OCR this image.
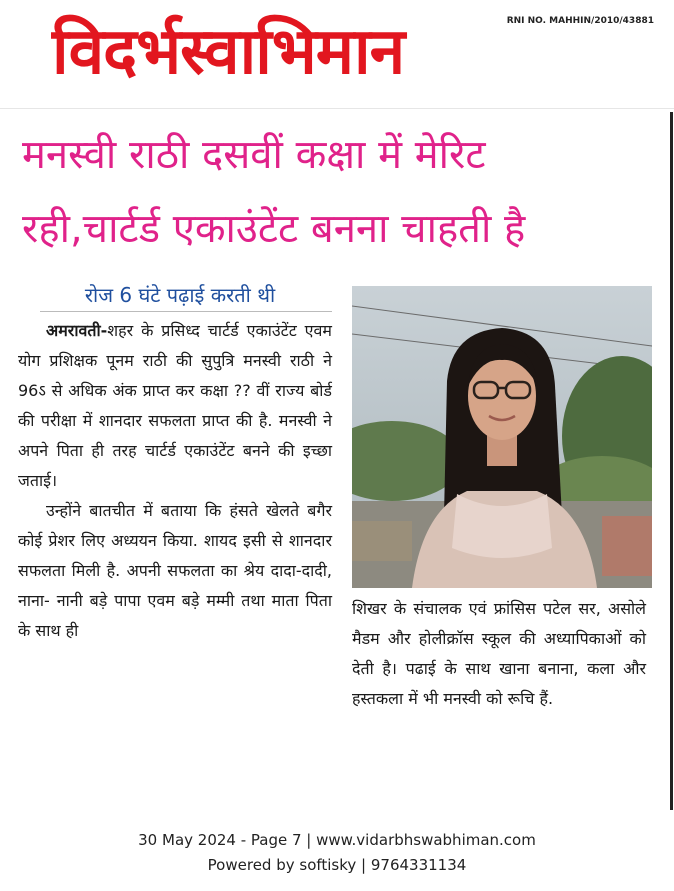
विदर्भस्वाभिमान	RNI NO. MAHHIN/2010/43881
मनस्वी राठी दसवीं कक्षा में मेरिट
रही,चार्टर्ड एकाउंटेंट बनना चाहती है
रोज 6 घंटे पढ़ाई करती थी

अमरावती-शहर के प्रसिध्द चार्टर्ड एकाउंटेंट एवम योग प्रशिक्षक पूनम राठी की सुपुत्रि मनस्वी राठी ने 96ऽ से अधिक अंक प्राप्त कर कक्षा ?? वीं राज्य बोर्ड की परीक्षा में शानदार सफलता प्राप्त की है. मनस्वी ने अपने पिता ही तरह चार्टर्ड एकाउंटेंट बनने की इच्छा जताई।

उन्होंने बातचीत में बताया कि हंसते खेलते बगैर कोई प्रेशर लिए अध्ययन किया. शायद इसी से शानदार सफलता मिली है. अपनी सफलता का श्रेय दादा-दादी, नाना- नानी बड़े पापा एवम बड़े मम्मी तथा माता पिता के साथ ही

शिखर के संचालक एवं फ्रांसिस पटेल सर, असोले मैडम और होलीक्रॉस स्कूल की अध्यापिकाओं को देती है। पढाई के साथ खाना बनाना, कला और हस्तकला में भी मनस्वी को रूचि हैं.
30 May 2024 - Page 7 | www.vidarbhswabhiman.com
Powered by softisky | 9764331134
